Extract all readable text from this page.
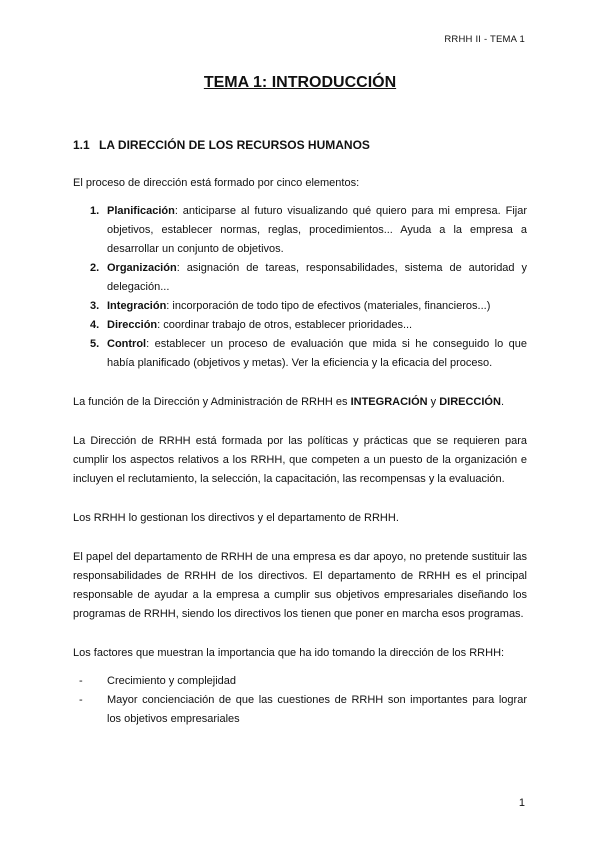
RRHH II - TEMA 1
TEMA 1: INTRODUCCIÓN
1.1 LA DIRECCIÓN DE LOS RECURSOS HUMANOS

El proceso de dirección está formado por cinco elementos:

1. Planificación: anticiparse al futuro visualizando qué quiero para mi empresa. Fijar objetivos, establecer normas, reglas, procedimientos... Ayuda a la empresa a desarrollar un conjunto de objetivos.
2. Organización: asignación de tareas, responsabilidades, sistema de autoridad y delegación...
3. Integración: incorporación de todo tipo de efectivos (materiales, financieros...)
4. Dirección: coordinar trabajo de otros, establecer prioridades...
5. Control: establecer un proceso de evaluación que mida si he conseguido lo que había planificado (objetivos y metas). Ver la eficiencia y la eficacia del proceso.

La función de la Dirección y Administración de RRHH es INTEGRACIÓN y DIRECCIÓN.

La Dirección de RRHH está formada por las políticas y prácticas que se requieren para cumplir los aspectos relativos a los RRHH, que competen a un puesto de la organización e incluyen el reclutamiento, la selección, la capacitación, las recompensas y la evaluación.

Los RRHH lo gestionan los directivos y el departamento de RRHH.

El papel del departamento de RRHH de una empresa es dar apoyo, no pretende sustituir las responsabilidades de RRHH de los directivos. El departamento de RRHH es el principal responsable de ayudar a la empresa a cumplir sus objetivos empresariales diseñando los programas de RRHH, siendo los directivos los tienen que poner en marcha esos programas.

Los factores que muestran la importancia que ha ido tomando la dirección de los RRHH:

- Crecimiento y complejidad
- Mayor concienciación de que las cuestiones de RRHH son importantes para lograr los objetivos empresariales
1
